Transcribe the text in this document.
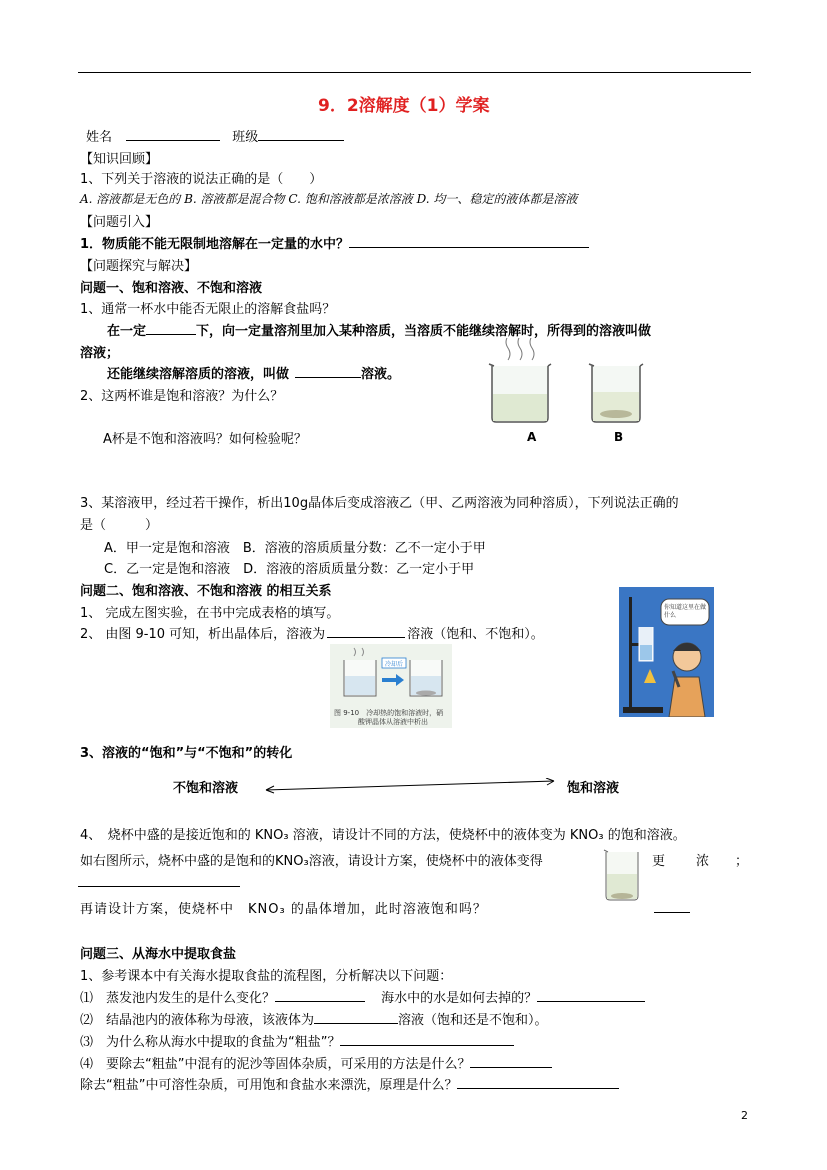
9．2溶解度（1）学案
姓名	班级
【知识回顾】
1、下列关于溶液的说法正确的是（　　）
A. 溶液都是无色的 B. 溶液都是混合物 C. 饱和溶液都是浓溶液 D. 均一、稳定的液体都是溶液
【问题引入】
1．物质能不能无限制地溶解在一定量的水中？
【问题探究与解决】
问题一、饱和溶液、不饱和溶液
1、通常一杯水中能否无限止的溶解食盐吗？
在一定	下，向一定量溶剂里加入某种溶质，当溶质不能继续溶解时，所得到的溶液叫做
溶液；
还能继续溶解溶质的溶液，叫做	溶液。
2、这两杯谁是饱和溶液？为什么？
A杯是不饱和溶液吗？如何检验呢？	A	B
3、某溶液甲，经过若干操作，析出10g晶体后变成溶液乙（甲、乙两溶液为同种溶质），下列说法正确的
是（　　　）
A．甲一定是饱和溶液　B．溶液的溶质质量分数：乙不一定小于甲
C．乙一定是饱和溶液　D．溶液的溶质质量分数：乙一定小于甲
问题二、饱和溶液、不饱和溶液 的相互关系
1、 完成左图实验，在书中完成表格的填写。
2、 由图 9-10 可知，析出晶体后，溶液为	溶液（饱和、不饱和）。
冷却后
图 9-10　冷却热的饱和溶液时，硝
酸钾晶体从溶液中析出
你知道这里在做什么
3、溶液的“饱和”与“不饱和”的转化
不饱和溶液	饱和溶液
4、　烧杯中盛的是接近饱和的 KNO₃ 溶液，请设计不同的方法，使烧杯中的液体变为 KNO₃ 的饱和溶液。
如右图所示，烧杯中盛的是饱和的KNO₃溶液，请设计方案，使烧杯中的液体变得	更 浓 ；
再请设计方案，使烧杯中　KNO₃ 的晶体增加，此时溶液饱和吗？
问题三、从海水中提取食盐
1、参考课本中有关海水提取食盐的流程图，分析解决以下问题：
⑴　蒸发池内发生的是什么变化？	海水中的水是如何去掉的？
⑵　结晶池内的液体称为母液，该液体为	溶液（饱和还是不饱和）。
⑶　为什么称从海水中提取的食盐为“粗盐”？
⑷　要除去“粗盐”中混有的泥沙等固体杂质，可采用的方法是什么？
除去“粗盐”中可溶性杂质，可用饱和食盐水来漂洗，原理是什么？
2
